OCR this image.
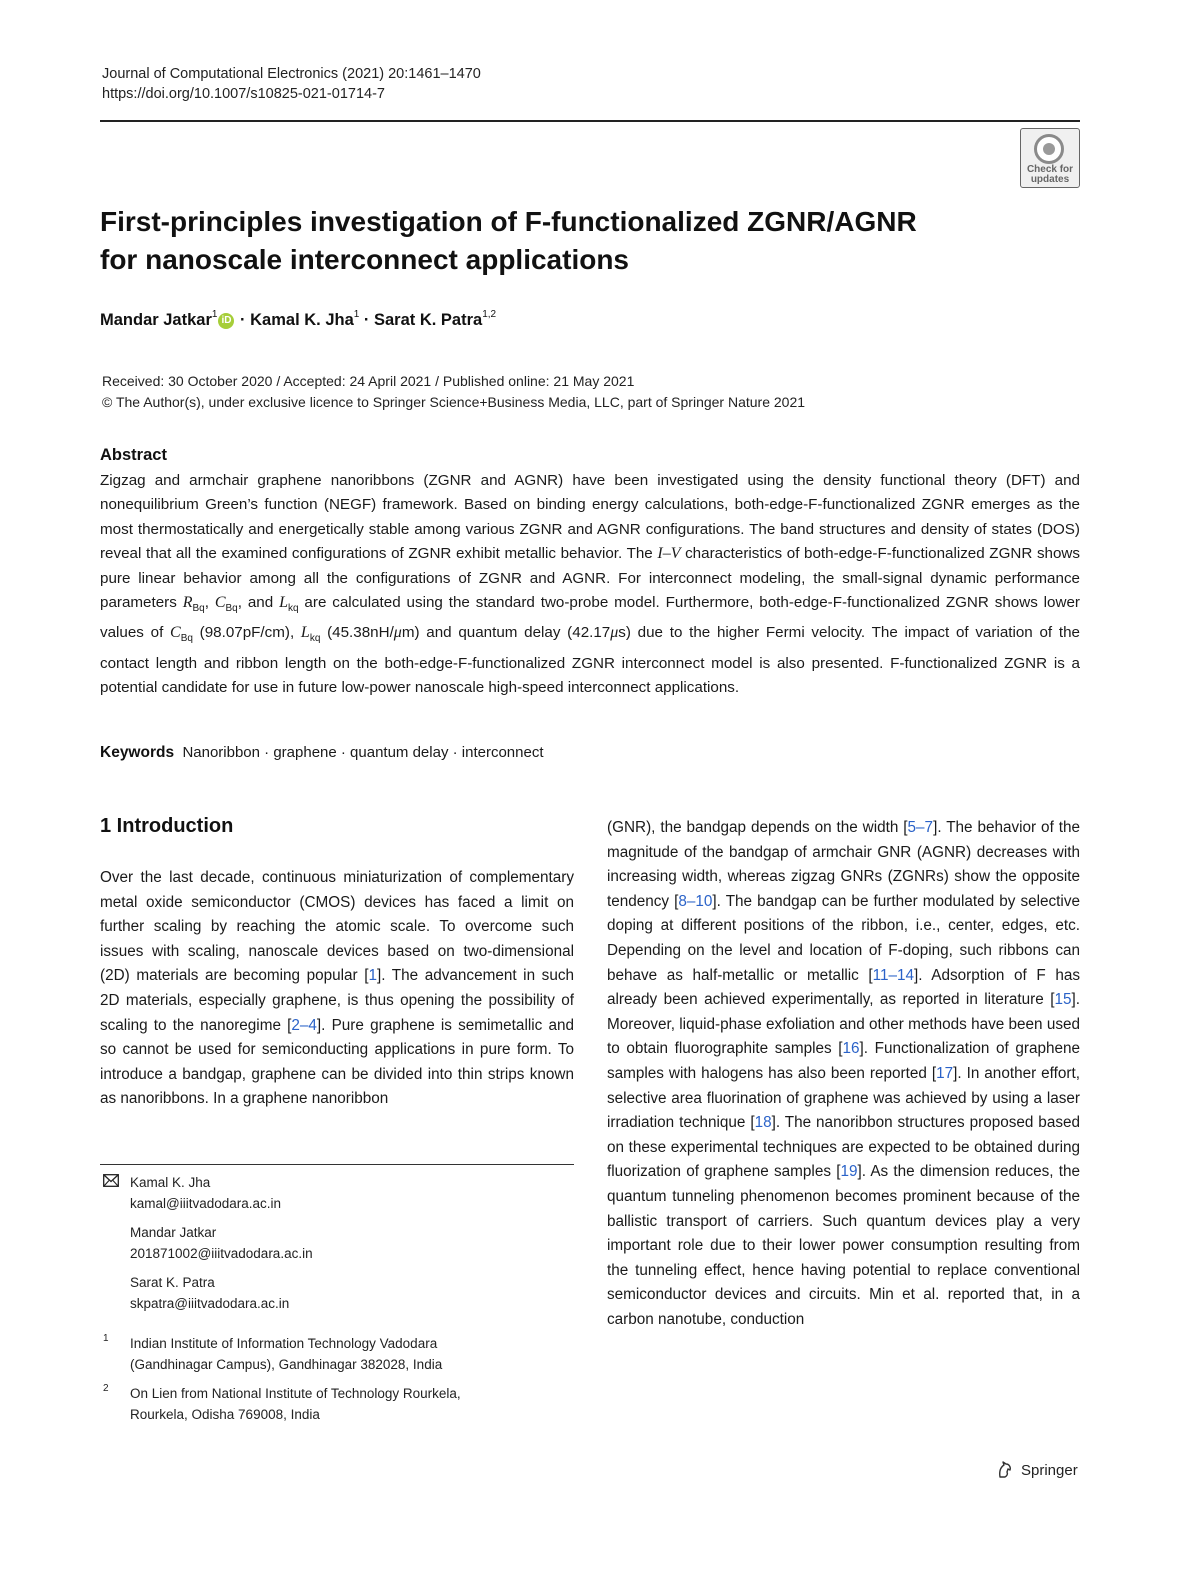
Journal of Computational Electronics (2021) 20:1461–1470
https://doi.org/10.1007/s10825-021-01714-7
Check for
updates
First-principles investigation of F-functionalized ZGNR/AGNR
for nanoscale interconnect applications
Mandar Jatkar$^1$iD · Kamal K. Jha$^1$ · Sarat K. Patra$^{1,2}$
Received: 30 October 2020 / Accepted: 24 April 2021 / Published online: 21 May 2021
© The Author(s), under exclusive licence to Springer Science+Business Media, LLC, part of Springer Nature 2021
Abstract
Zigzag and armchair graphene nanoribbons (ZGNR and AGNR) have been investigated using the density functional theory (DFT) and nonequilibrium Green’s function (NEGF) framework. Based on binding energy calculations, both-edge-F-functionalized ZGNR emerges as the most thermostatically and energetically stable among various ZGNR and AGNR configurations. The band structures and density of states (DOS) reveal that all the examined configurations of ZGNR exhibit metallic behavior. The I–V characteristics of both-edge-F-functionalized ZGNR shows pure linear behavior among all the configurations of ZGNR and AGNR. For interconnect modeling, the small-signal dynamic performance parameters $R_{Bq}$, $C_{Bq}$, and $L_{kq}$ are calculated using the standard two-probe model. Furthermore, both-edge-F-functionalized ZGNR shows lower values of $C_{Bq}$ (98.07pF/cm), $L_{kq}$ (45.38nH/μm) and quantum delay (42.17μs) due to the higher Fermi velocity. The impact of variation of the contact length and ribbon length on the both-edge-F-functionalized ZGNR interconnect model is also presented. F-functionalized ZGNR is a potential candidate for use in future low-power nanoscale high-speed interconnect applications.
Keywords Nanoribbon · graphene · quantum delay · interconnect
1 Introduction
Over the last decade, continuous miniaturization of complementary metal oxide semiconductor (CMOS) devices has faced a limit on further scaling by reaching the atomic scale. To overcome such issues with scaling, nanoscale devices based on two-dimensional (2D) materials are becoming popular [1]. The advancement in such 2D materials, especially graphene, is thus opening the possibility of scaling to the nanoregime [2–4]. Pure graphene is semimetallic and so cannot be used for semiconducting applications in pure form. To introduce a bandgap, graphene can be divided into thin strips known as nanoribbons. In a graphene nanoribbon
(GNR), the bandgap depends on the width [5–7]. The behavior of the magnitude of the bandgap of armchair GNR (AGNR) decreases with increasing width, whereas zigzag GNRs (ZGNRs) show the opposite tendency [8–10]. The bandgap can be further modulated by selective doping at different positions of the ribbon, i.e., center, edges, etc. Depending on the level and location of F-doping, such ribbons can behave as half-metallic or metallic [11–14]. Adsorption of F has already been achieved experimentally, as reported in literature [15]. Moreover, liquid-phase exfoliation and other methods have been used to obtain fluorographite samples [16]. Functionalization of graphene samples with halogens has also been reported [17]. In another effort, selective area fluorination of graphene was achieved by using a laser irradiation technique [18]. The nanoribbon structures proposed based on these experimental techniques are expected to be obtained during fluorization of graphene samples [19]. As the dimension reduces, the quantum tunneling phenomenon becomes prominent because of the ballistic transport of carriers. Such quantum devices play a very important role due to their lower power consumption resulting from the tunneling effect, hence having potential to replace conventional semiconductor devices and circuits. Min et al. reported that, in a carbon nanotube, conduction
Kamal K. Jha
kamal@iiitvadodara.ac.in
Mandar Jatkar
201871002@iiitvadodara.ac.in
Sarat K. Patra
skpatra@iiitvadodara.ac.in
1 Indian Institute of Information Technology Vadodara
(Gandhinagar Campus), Gandhinagar 382028, India
2 On Lien from National Institute of Technology Rourkela,
Rourkela, Odisha 769008, India
Springer
